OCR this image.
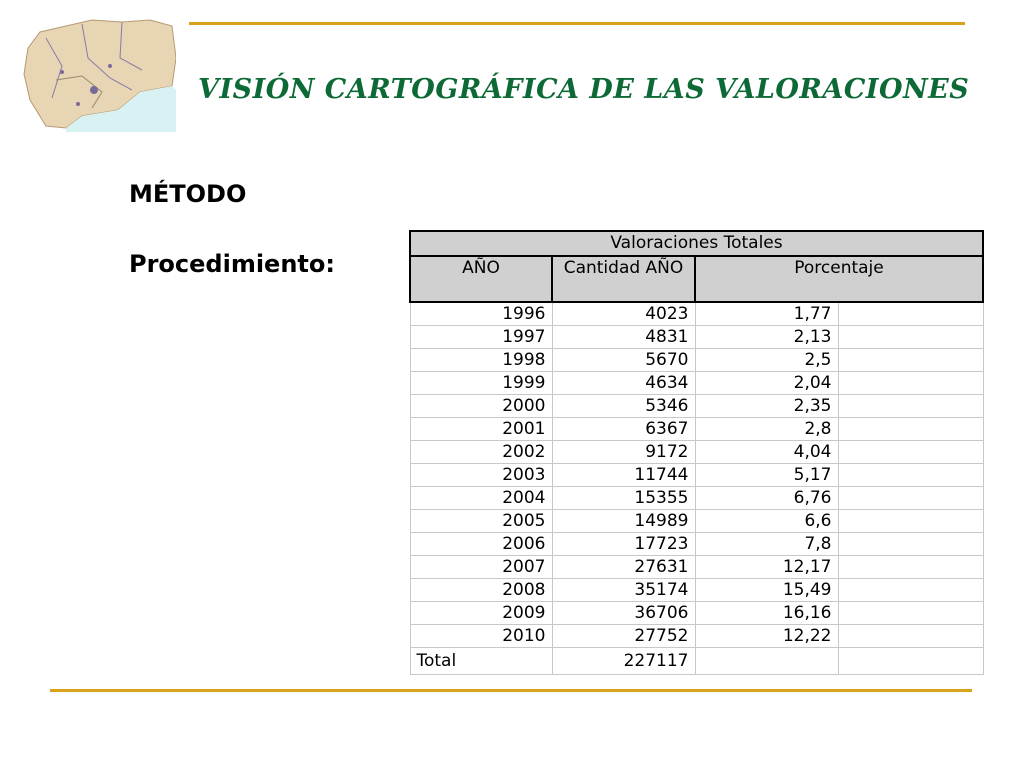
VISIÓN CARTOGRÁFICA DE LAS VALORACIONES
MÉTODO
Procedimiento:
Valoraciones Totales			
AÑO	Cantidad AÑO	Porcentaje	
1996	4023	1,77	
1997	4831	2,13	
1998	5670	2,5	
1999	4634	2,04	
2000	5346	2,35	
2001	6367	2,8	
2002	9172	4,04	
2003	11744	5,17	
2004	15355	6,76	
2005	14989	6,6	
2006	17723	7,8	
2007	27631	12,17	
2008	35174	15,49	
2009	36706	16,16	
2010	27752	12,22	
Total	227117		
